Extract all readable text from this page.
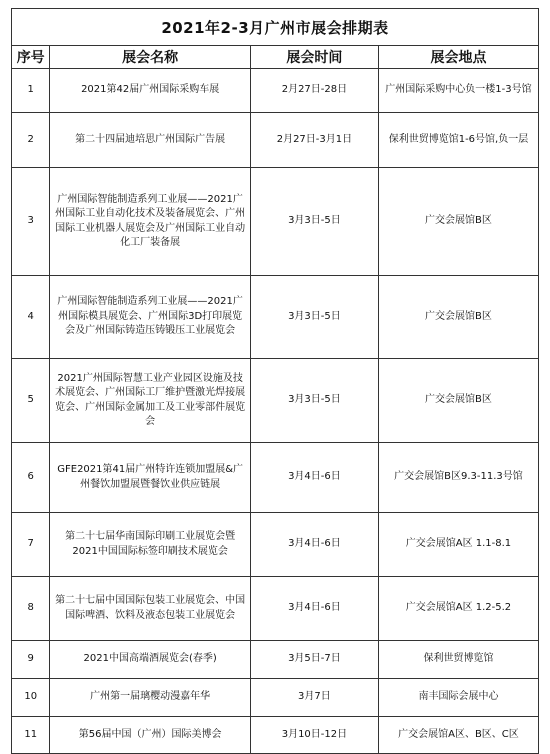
2021年2-3月广州市展会排期表			
序号	展会名称	展会时间	展会地点
1	2021第42届广州国际采购车展	2月27日-28日	广州国际采购中心负一楼1-3号馆
2	第二十四届迪培思广州国际广告展	2月27日-3月1日	保利世贸博览馆1-6号馆,负一层
3	广州国际智能制造系列工业展——2021广州国际工业自动化技术及装备展览会、广州国际工业机器人展览会及广州国际工业自动化工厂装备展	3月3日-5日	广交会展馆B区
4	广州国际智能制造系列工业展——2021广州国际模具展览会、广州国际3D打印展览会及广州国际铸造压铸锻压工业展览会	3月3日-5日	广交会展馆B区
5	2021广州国际智慧工业产业园区设施及技术展览会、广州国际工厂维护暨激光焊接展览会、广州国际金属加工及工业零部件展览会	3月3日-5日	广交会展馆B区
6	GFE2021第41届广州特许连锁加盟展&广州餐饮加盟展暨餐饮业供应链展	3月4日-6日	广交会展馆B区9.3-11.3号馆
7	第二十七届华南国际印刷工业展览会暨2021中国国际标签印刷技术展览会	3月4日-6日	广交会展馆A区 1.1-8.1
8	第二十七届中国国际包装工业展览会、中国国际啤酒、饮料及液态包装工业展览会	3月4日-6日	广交会展馆A区 1.2-5.2
9	2021中国高端酒展览会(春季)	3月5日-7日	保利世贸博览馆
10	广州第一届璃樱动漫嘉年华	3月7日	南丰国际会展中心
11	第56届中国（广州）国际美博会	3月10日-12日	广交会展馆A区、B区、C区
